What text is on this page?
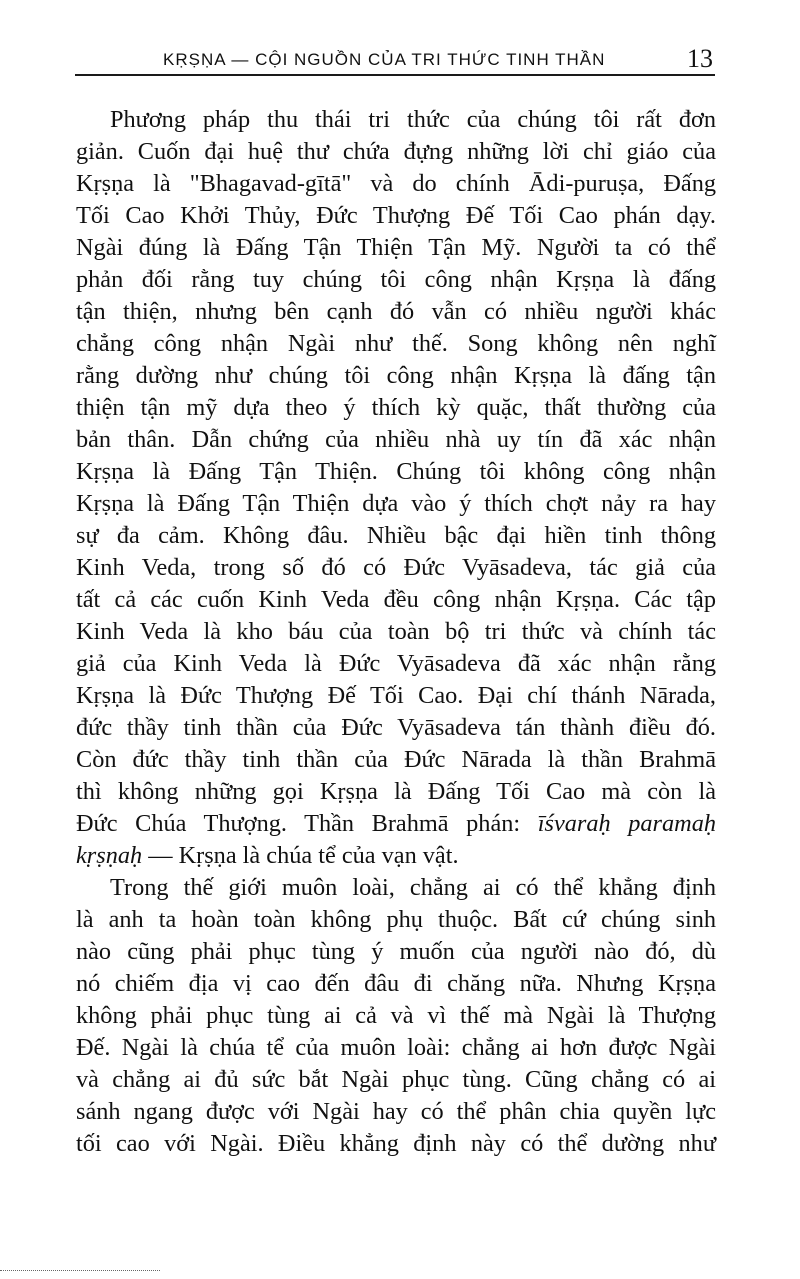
KṚṢṆA — CỘI NGUỒN CỦA TRI THỨC TINH THẦN	13
Phương pháp thu thái tri thức của chúng tôi rất đơn
giản. Cuốn đại huệ thư chứa đựng những lời chỉ giáo của
Kṛṣṇa là "Bhagavad-gītā" và do chính Ādi-puruṣa, Đấng
Tối Cao Khởi Thủy, Đức Thượng Đế Tối Cao phán dạy.
Ngài đúng là Đấng Tận Thiện Tận Mỹ. Người ta có thể
phản đối rằng tuy chúng tôi công nhận Kṛṣṇa là đấng
tận thiện, nhưng bên cạnh đó vẫn có nhiều người khác
chẳng công nhận Ngài như thế. Song không nên nghĩ
rằng dường như chúng tôi công nhận Kṛṣṇa là đấng tận
thiện tận mỹ dựa theo ý thích kỳ quặc, thất thường của
bản thân. Dẫn chứng của nhiều nhà uy tín đã xác nhận
Kṛṣṇa là Đấng Tận Thiện. Chúng tôi không công nhận
Kṛṣṇa là Đấng Tận Thiện dựa vào ý thích chợt nảy ra hay
sự đa cảm. Không đâu. Nhiều bậc đại hiền tinh thông
Kinh Veda, trong số đó có Đức Vyāsadeva, tác giả của
tất cả các cuốn Kinh Veda đều công nhận Kṛṣṇa. Các tập
Kinh Veda là kho báu của toàn bộ tri thức và chính tác
giả của Kinh Veda là Đức Vyāsadeva đã xác nhận rằng
Kṛṣṇa là Đức Thượng Đế Tối Cao. Đại chí thánh Nārada,
đức thầy tinh thần của Đức Vyāsadeva tán thành điều đó.
Còn đức thầy tinh thần của Đức Nārada là thần Brahmā
thì không những gọi Kṛṣṇa là Đấng Tối Cao mà còn là
Đức Chúa Thượng. Thần Brahmā phán: īśvaraḥ paramaḥ
kṛṣṇaḥ — Kṛṣṇa là chúa tể của vạn vật.
Trong thế giới muôn loài, chẳng ai có thể khẳng định
là anh ta hoàn toàn không phụ thuộc. Bất cứ chúng sinh
nào cũng phải phục tùng ý muốn của người nào đó, dù
nó chiếm địa vị cao đến đâu đi chăng nữa. Nhưng Kṛṣṇa
không phải phục tùng ai cả và vì thế mà Ngài là Thượng
Đế. Ngài là chúa tể của muôn loài: chẳng ai hơn được Ngài
và chẳng ai đủ sức bắt Ngài phục tùng. Cũng chẳng có ai
sánh ngang được với Ngài hay có thể phân chia quyền lực
tối cao với Ngài. Điều khẳng định này có thể dường như
